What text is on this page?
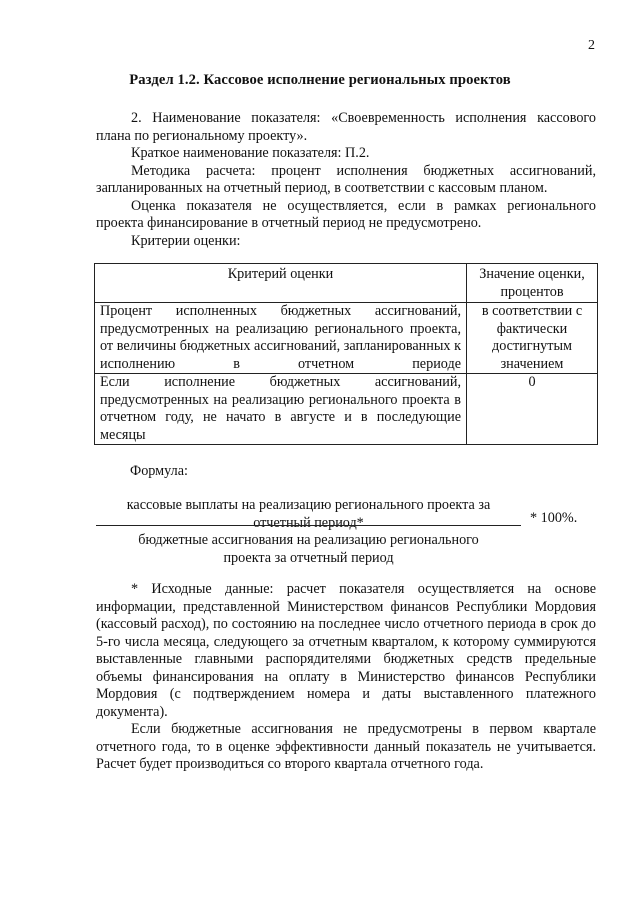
2
Раздел 1.2. Кассовое исполнение региональных проектов

2. Наименование показателя: «Своевременность исполнения кассового плана по региональному проекту».

Краткое наименование показателя: П.2.

Методика расчета: процент исполнения бюджетных ассигнований, запланированных на отчетный период, в соответствии с кассовым планом.

Оценка показателя не осуществляется, если в рамках регионального проекта финансирование в отчетный период не предусмотрено.

Критерии оценки:

Критерий оценки	Значение оценки, процентов
Процент исполненных бюджетных ассигнований, предусмотренных на реализацию регионального проекта, от величины бюджетных ассигнований, запланированных к исполнению в отчетном периоде	в соответствии с фактически достигнутым значением
Если исполнение бюджетных ассигнований, предусмотренных на реализацию регионального проекта в отчетном году, не начато в августе и в последующие месяцы	0
Формула:
кассовые выплаты на реализацию регионального проекта за
отчетный период*	* 100%.
бюджетные ассигнования на реализацию регионального
проекта за отчетный период

* Исходные данные: расчет показателя осуществляется на основе информации, представленной Министерством финансов Республики Мордовия (кассовый расход), по состоянию на последнее число отчетного периода в срок до 5-го числа месяца, следующего за отчетным кварталом, к которому суммируются выставленные главными распорядителями бюджетных средств предельные объемы финансирования на оплату в Министерство финансов Республики Мордовия (с подтверждением номера и даты выставленного платежного документа).

Если бюджетные ассигнования не предусмотрены в первом квартале отчетного года, то в оценке эффективности данный показатель не учитывается. Расчет будет производиться со второго квартала отчетного года.
